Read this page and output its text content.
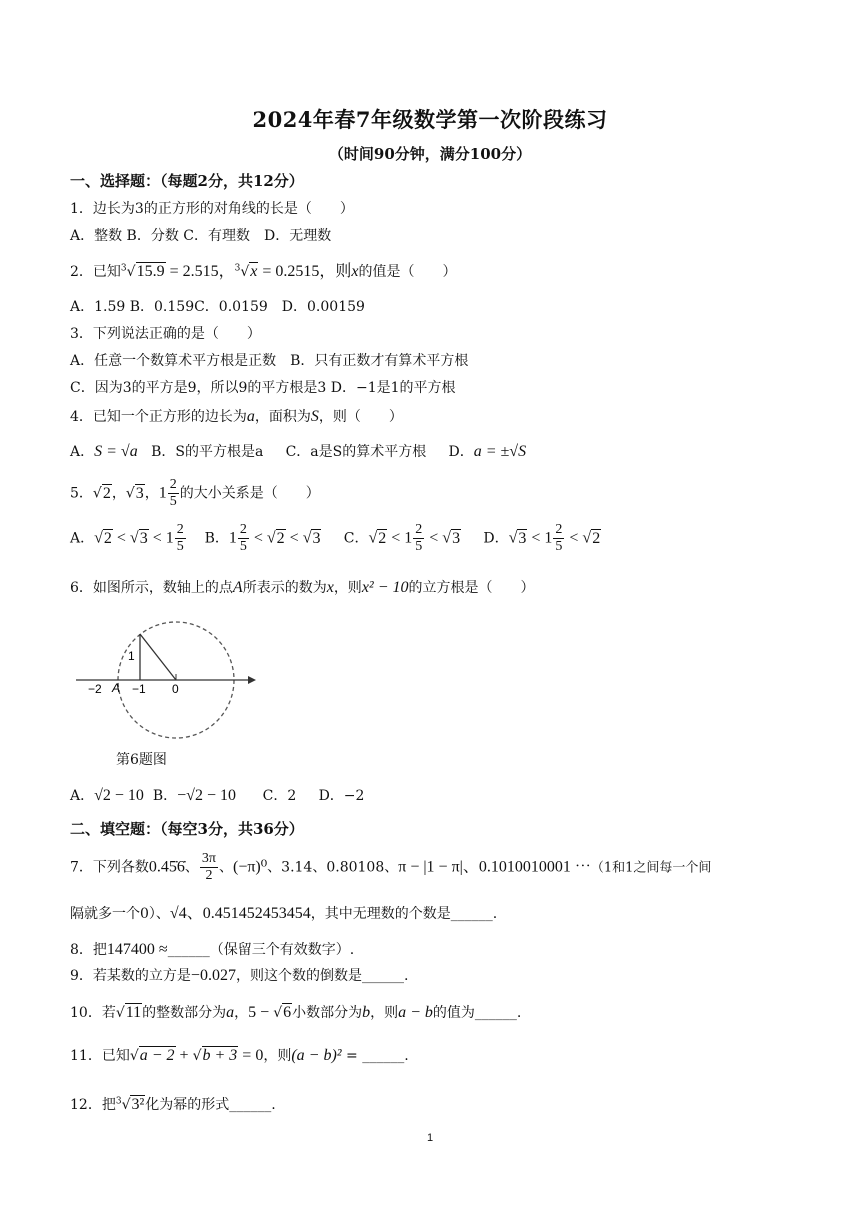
2024年春7年级数学第一次阶段练习
（时间90分钟，满分100分）
一、选择题：（每题2分，共12分）
1．边长为3的正方形的对角线的长是（　　）
A．整数 B．分数 C．有理数　D．无理数
2．已知$^3$√15.9 = 2.515，$^3$√x = 0.2515，则x的值是（　　）
A．1.59 B．0.159C．0.0159　D．0.00159
3．下列说法正确的是（　　）
A．任意一个数算术平方根是正数　B．只有正数才有算术平方根
C．因为3的平方是9，所以9的平方根是3 D．−1是1的平方根
4．已知一个正方形的边长为a，面积为S，则（　　）
A．S = √a B．S的平方根是a C．a是S的算术平方根 D．a = ±√S
5．√2，√3，$1 \frac{2}{5}$ 的大小关系是（　　）
A．$√2 < √3 < 1 \frac{2}{5}$ B．$1 \frac{2}{5} < √2 < √3$ C．$√2 < 1 \frac{2}{5} < √3$ D．$√3 < 1 \frac{2}{5} < √2$
6．如图所示，数轴上的点A所表示的数为x，则x² − 10的立方根是（　　）
1
−2 A −1 0
第6题图
A．√2 − 10 B．−√2 − 10 C．2 D．−2
二、填空题：（每空3分，共36分）
7．下列各数0.45̇6̇、 $\frac{3\pi}{2}$ 、(−π)⁰、3.14、0.80108、π − |1 − π|、0.1010010001 ⋯（1和1之间每一个间
隔就多一个0）、√4、0.451452453454，其中无理数的个数是______.
8．把147400 ≈______（保留三个有效数字）.
9．若某数的立方是−0.027，则这个数的倒数是______.
10．若√11的整数部分为a，5 − √6小数部分为b，则a − b的值为______.
11．已知√a − 2 + √b + 3 = 0，则(a − b)² = ______.
12．把$^3$√3²化为幂的形式______.
1
